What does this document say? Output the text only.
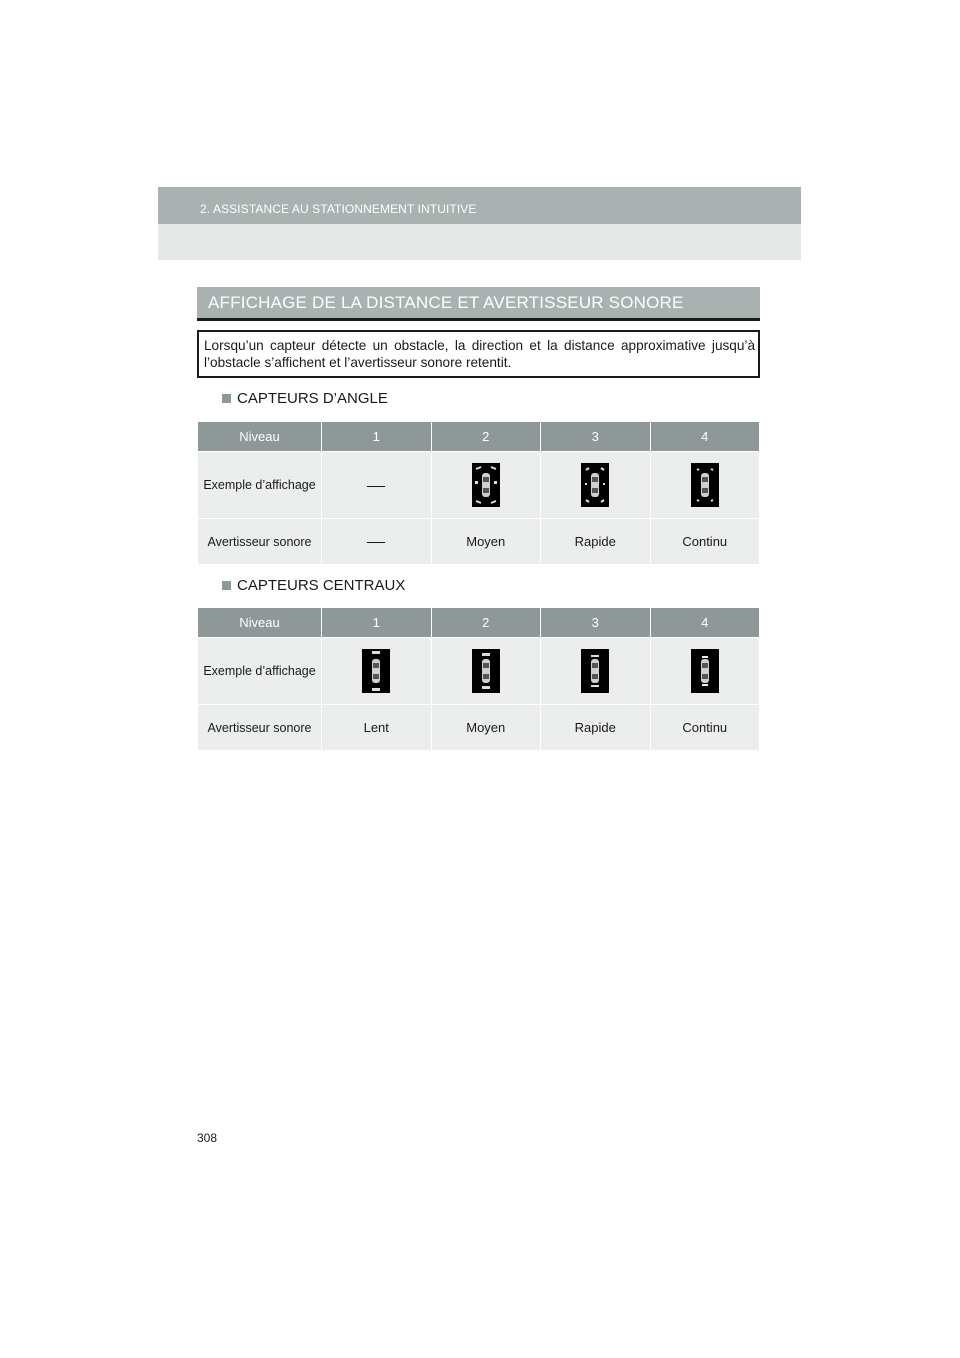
2. ASSISTANCE AU STATIONNEMENT INTUITIVE
AFFICHAGE DE LA DISTANCE ET AVERTISSEUR SONORE
Lorsqu’un capteur détecte un obstacle, la direction et la distance approximative jusqu’à l’obstacle s’affichent et l’avertisseur sonore retentit.
CAPTEURS D’ANGLE
Niveau	1	2	3	4
Exemple d’affichage		

Avertisseur sonore		Moyen	Rapide	Continu
CAPTEURS CENTRAUX
Niveau	1	2	3	4
Exemple d’affichage	

Avertisseur sonore	Lent	Moyen	Rapide	Continu
308
